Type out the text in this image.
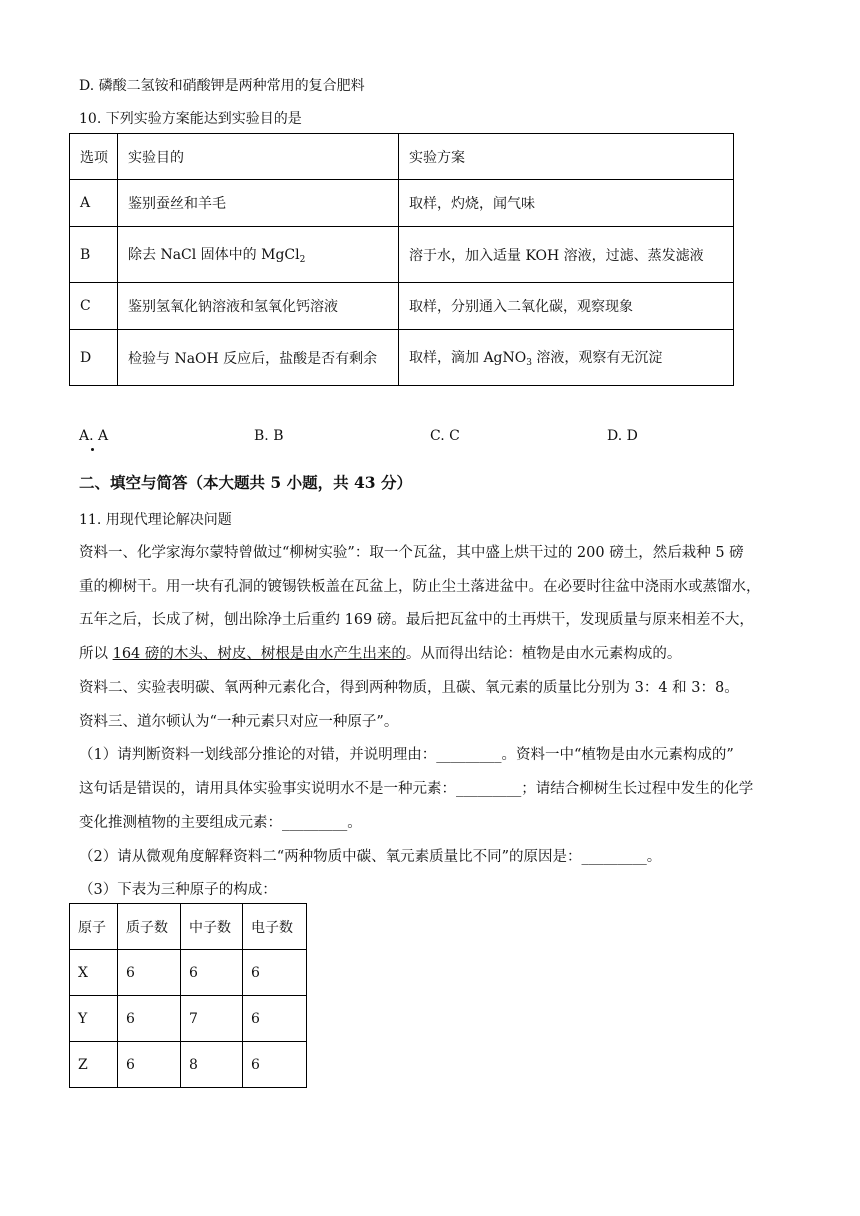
D. 磷酸二氢铵和硝酸钾是两种常用的复合肥料
10. 下列实验方案能达到实验目的是
选项	实验目的	实验方案
A	鉴别蚕丝和羊毛	取样，灼烧，闻气味
B	除去 NaCl 固体中的 MgCl$_2$	溶于水，加入适量 KOH 溶液，过滤、蒸发滤液
C	鉴别氢氧化钠溶液和氢氧化钙溶液	取样，分别通入二氧化碳，观察现象
D	检验与 NaOH 反应后，盐酸是否有剩余	取样，滴加 AgNO$_3$ 溶液，观察有无沉淀
A. A	B. B	C. C	D. D
二、填空与简答（本大题共 5 小题，共 43 分）
11. 用现代理论解决问题
资料一、化学家海尔蒙特曾做过“柳树实验”：取一个瓦盆，其中盛上烘干过的 200 磅土，然后栽种 5 磅
重的柳树干。用一块有孔洞的镀锡铁板盖在瓦盆上，防止尘土落进盆中。在必要时往盆中浇雨水或蒸馏水，
五年之后，长成了树，刨出除净土后重约 169 磅。最后把瓦盆中的土再烘干，发现质量与原来相差不大，
所以 164 磅的木头、树皮、树根是由水产生出来的。从而得出结论：植物是由水元素构成的。
资料二、实验表明碳、氧两种元素化合，得到两种物质，且碳、氧元素的质量比分别为 3：4 和 3：8。
资料三、道尔顿认为“一种元素只对应一种原子”。
（1）请判断资料一划线部分推论的对错，并说明理由：_________。资料一中“植物是由水元素构成的”
这句话是错误的，请用具体实验事实说明水不是一种元素：_________；请结合柳树生长过程中发生的化学
变化推测植物的主要组成元素：_________。
（2）请从微观角度解释资料二“两种物质中碳、氧元素质量比不同”的原因是：_________。
（3）下表为三种原子的构成：
原子	质子数	中子数	电子数
X	6	6	6
Y	6	7	6
Z	6	8	6
